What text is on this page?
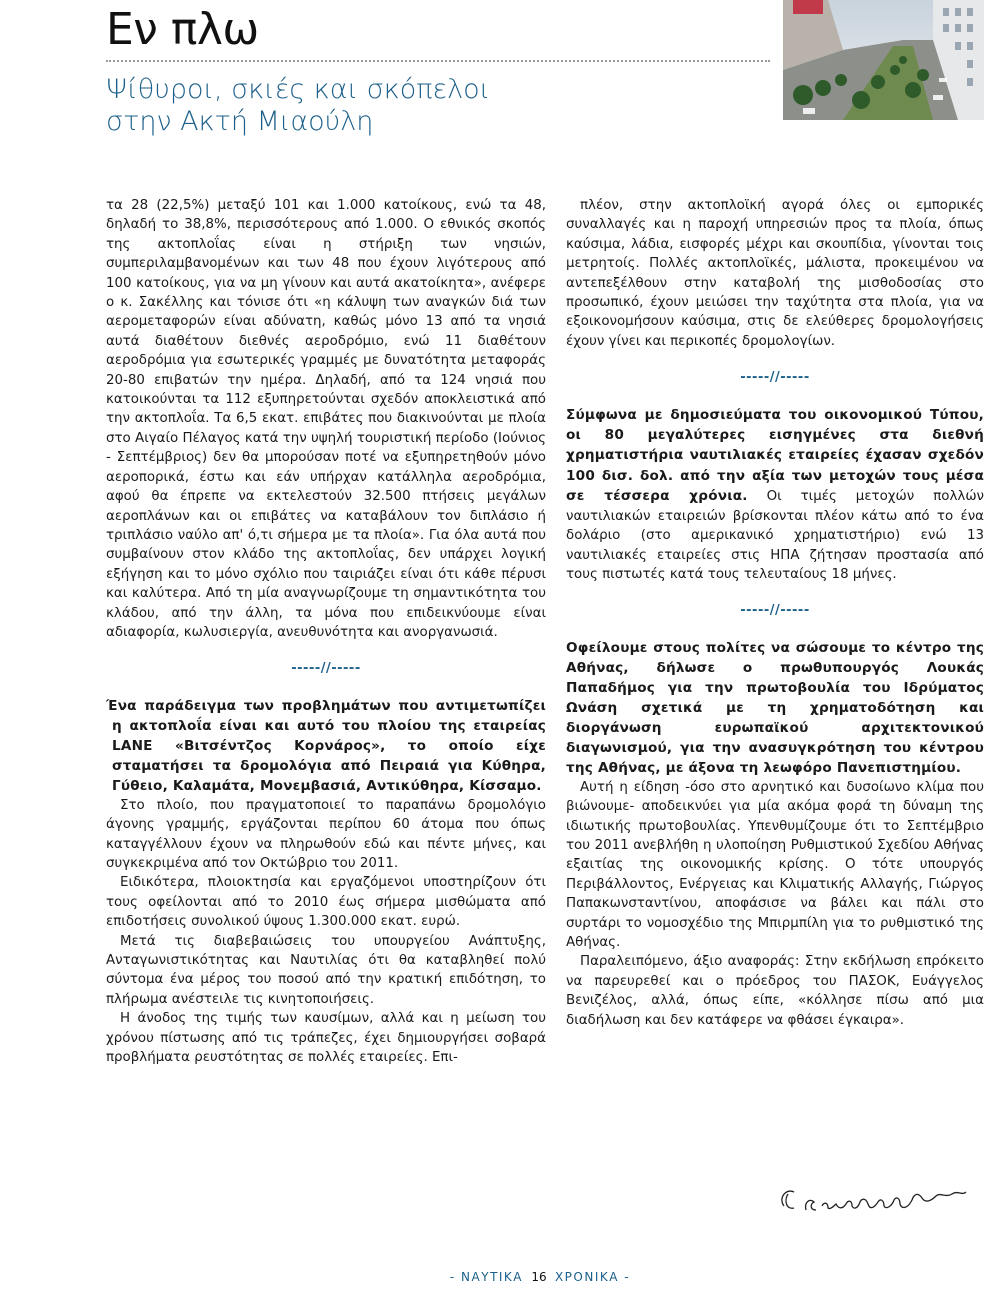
Εν πλω
Ψίθυροι, σκιές και σκόπελοι
στην Ακτή Μιαούλη

τα 28 (22,5%) μεταξύ 101 και 1.000 κατοίκους, ενώ τα 48, δηλαδή το 38,8%, περισσότερους από 1.000. Ο εθνικός σκοπός της ακτοπλοΐας είναι η στήριξη των νησιών, συμπεριλαμβανομένων και των 48 που έχουν λιγότερους από 100 κατοίκους, για να μη γίνουν και αυτά ακατοίκητα», ανέφερε ο κ. Σακέλλης και τόνισε ότι «η κάλυψη των αναγκών διά των αερομεταφορών είναι αδύνατη, καθώς μόνο 13 από τα νησιά αυτά διαθέτουν διεθνές αεροδρόμιο, ενώ 11 διαθέτουν αεροδρόμια για εσωτερικές γραμμές με δυνατότητα μεταφοράς 20-80 επιβατών την ημέρα. Δηλαδή, από τα 124 νησιά που κατοικούνται τα 112 εξυπηρετούνται σχεδόν αποκλειστικά από την ακτοπλοΐα. Τα 6,5 εκατ. επιβάτες που διακινούνται με πλοία στο Αιγαίο Πέλαγος κατά την υψηλή τουριστική περίοδο (Ιούνιος - Σεπτέμβριος) δεν θα μπορούσαν ποτέ να εξυπηρετηθούν μόνο αεροπορικά, έστω και εάν υπήρχαν κατάλληλα αεροδρόμια, αφού θα έπρεπε να εκτελεστούν 32.500 πτήσεις μεγάλων αεροπλάνων και οι επιβάτες να καταβάλουν τον διπλάσιο ή τριπλάσιο ναύλο απ' ό,τι σήμερα με τα πλοία». Για όλα αυτά που συμβαίνουν στον κλάδο της ακτοπλοΐας, δεν υπάρχει λογική εξήγηση και το μόνο σχόλιο που ταιριάζει είναι ότι κάθε πέρυσι και καλύτερα. Από τη μία αναγνωρίζουμε τη σημαντικότητα του κλάδου, από την άλλη, τα μόνα που επιδεικνύουμε είναι αδιαφορία, κωλυσιεργία, ανευθυνότητα και ανοργανωσιά.

-----//-----

Ένα παράδειγμα των προβλημάτων που αντιμετωπίζει η ακτοπλοΐα είναι και αυτό του πλοίου της εταιρείας LANE «Βιτσέντζος Κορνάρος», το οποίο είχε σταματήσει τα δρομολόγια από Πειραιά για Κύθηρα, Γύθειο, Καλαμάτα, Μονεμβασιά, Αντικύθηρα, Κίσσαμο.

Στο πλοίο, που πραγματοποιεί το παραπάνω δρομολόγιο άγονης γραμμής, εργάζονται περίπου 60 άτομα που όπως καταγγέλλουν έχουν να πληρωθούν εδώ και πέντε μήνες, και συγκεκριμένα από τον Οκτώβριο του 2011.

Ειδικότερα, πλοιοκτησία και εργαζόμενοι υποστηρίζουν ότι τους οφείλονται από το 2010 έως σήμερα μισθώματα από επιδοτήσεις συνολικού ύψους 1.300.000 εκατ. ευρώ.

Μετά τις διαβεβαιώσεις του υπουργείου Ανάπτυξης, Ανταγωνιστικότητας και Ναυτιλίας ότι θα καταβληθεί πολύ σύντομα ένα μέρος του ποσού από την κρατική επιδότηση, το πλήρωμα ανέστειλε τις κινητοποιήσεις.

Η άνοδος της τιμής των καυσίμων, αλλά και η μείωση του χρόνου πίστωσης από τις τράπεζες, έχει δημιουργήσει σοβαρά προβλήματα ρευστότητας σε πολλές εταιρείες. Επι-

πλέον, στην ακτοπλοϊκή αγορά όλες οι εμπορικές συναλλαγές και η παροχή υπηρεσιών προς τα πλοία, όπως καύσιμα, λάδια, εισφορές μέχρι και σκουπίδια, γίνονται τοις μετρητοίς. Πολλές ακτοπλοϊκές, μάλιστα, προκειμένου να αντεπεξέλθουν στην καταβολή της μισθοδοσίας στο προσωπικό, έχουν μειώσει την ταχύτητα στα πλοία, για να εξοικονομήσουν καύσιμα, στις δε ελεύθερες δρομολογήσεις έχουν γίνει και περικοπές δρομολογίων.

-----//-----

Σύμφωνα με δημοσιεύματα του οικονομικού Τύπου, οι 80 μεγαλύτερες εισηγμένες στα διεθνή χρηματιστήρια ναυτιλιακές εταιρείες έχασαν σχεδόν 100 δισ. δολ. από την αξία των μετοχών τους μέσα σε τέσσερα χρόνια. Οι τιμές μετοχών πολλών ναυτιλιακών εταιρειών βρίσκονται πλέον κάτω από το ένα δολάριο (στο αμερικανικό χρηματιστήριο) ενώ 13 ναυτιλιακές εταιρείες στις ΗΠΑ ζήτησαν προστασία από τους πιστωτές κατά τους τελευταίους 18 μήνες.

-----//-----

Οφείλουμε στους πολίτες να σώσουμε το κέντρο της Αθήνας, δήλωσε ο πρωθυπουργός Λουκάς Παπαδήμος για την πρωτοβουλία του Ιδρύματος Ωνάση σχετικά με τη χρηματοδότηση και διοργάνωση ευρωπαϊκού αρχιτεκτονικού διαγωνισμού, για την ανασυγκρότηση του κέντρου της Αθήνας, με άξονα τη λεωφόρο Πανεπιστημίου.

Αυτή η είδηση -όσο στο αρνητικό και δυσοίωνο κλίμα που βιώνουμε- αποδεικνύει για μία ακόμα φορά τη δύναμη της ιδιωτικής πρωτοβουλίας. Υπενθυμίζουμε ότι το Σεπτέμβριο του 2011 ανεβλήθη η υλοποίηση Ρυθμιστικού Σχεδίου Αθήνας εξαιτίας της οικονομικής κρίσης. Ο τότε υπουργός Περιβάλλοντος, Ενέργειας και Κλιματικής Αλλαγής, Γιώργος Παπακωνσταντίνου, αποφάσισε να βάλει και πάλι στο συρτάρι το νομοσχέδιο της Μπιρμπίλη για το ρυθμιστικό της Αθήνας.

Παραλειπόμενο, άξιο αναφοράς: Στην εκδήλωση επρόκειτο να παρευρεθεί και ο πρόεδρος του ΠΑΣΟΚ, Ευάγγελος Βενιζέλος, αλλά, όπως είπε, «κόλλησε πίσω από μια διαδήλωση και δεν κατάφερε να φθάσει έγκαιρα».

- ΝΑΥΤΙΚΑ 16 ΧΡΟΝΙΚΑ -
